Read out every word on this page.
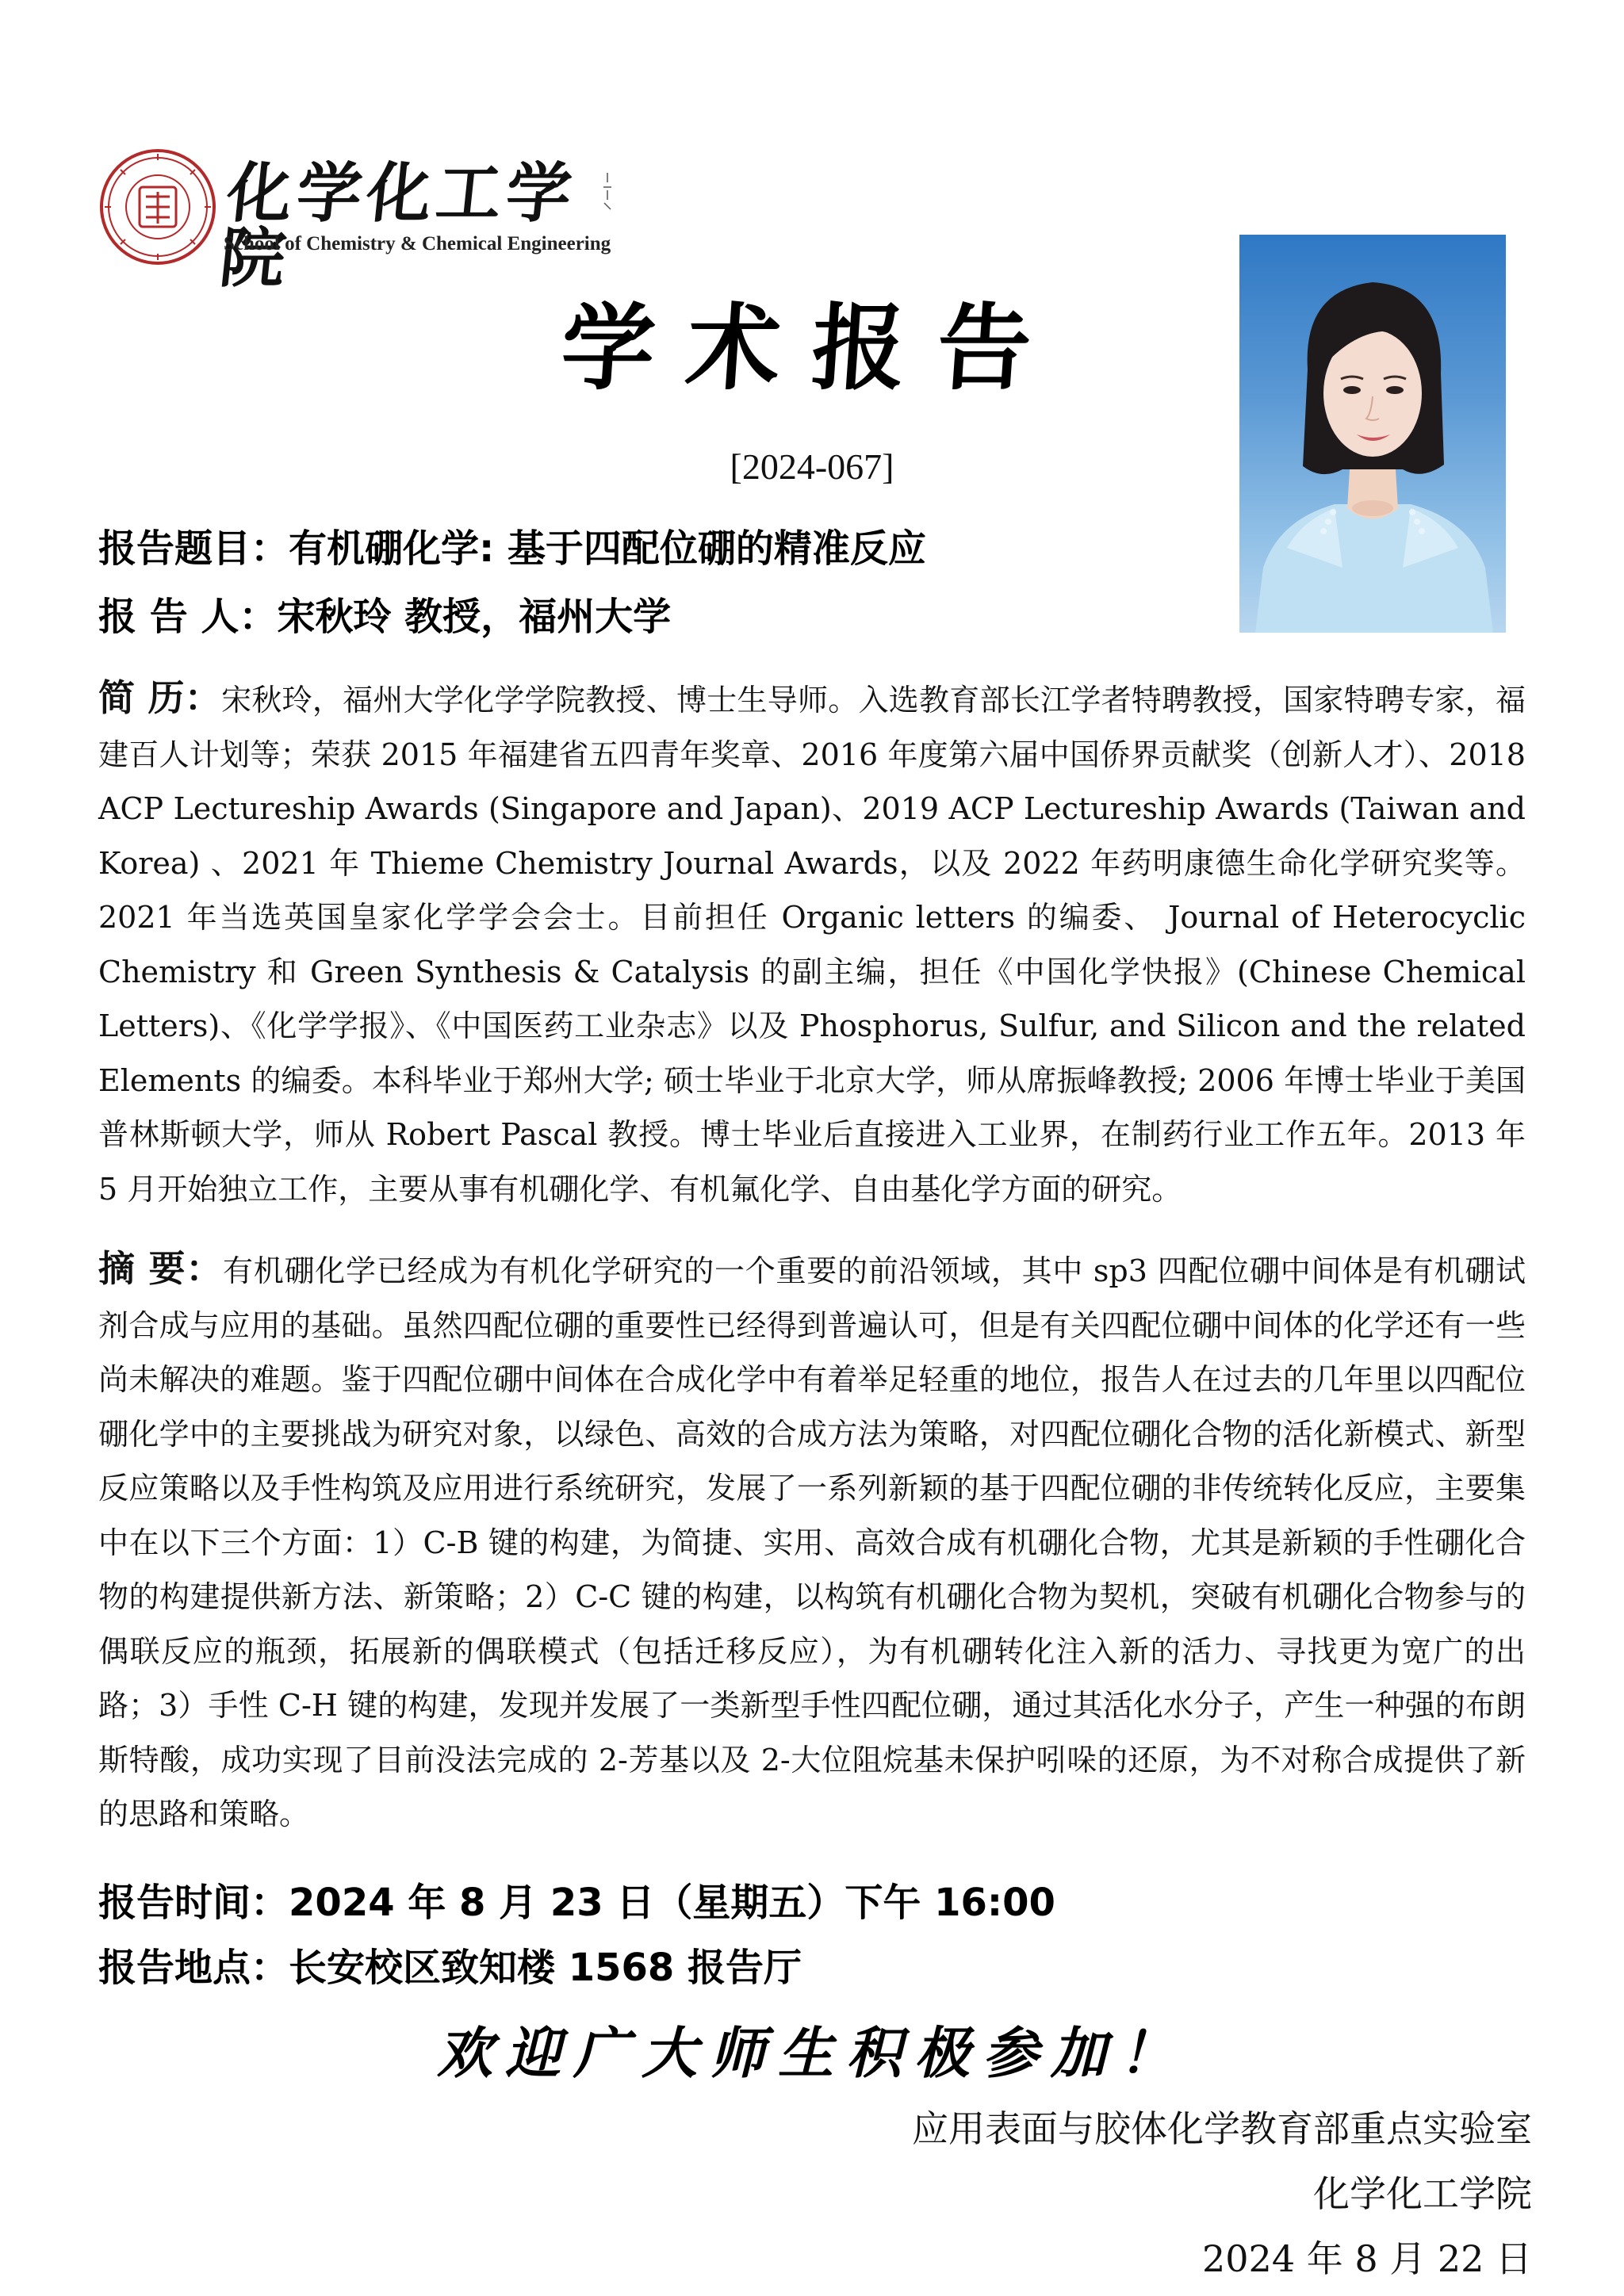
化学化工学院
School of Chemistry & Chemical Engineering
学术报告
[2024-067]
报告题目：有机硼化学: 基于四配位硼的精准反应
报 告 人：宋秋玲 教授，福州大学

简 历：宋秋玲，福州大学化学学院教授、博士生导师。入选教育部长江学者特聘教授，国家特聘专家，福建百人计划等；荣获 2015 年福建省五四青年奖章、2016 年度第六届中国侨界贡献奖（创新人才）、2018 ACP Lectureship Awards (Singapore and Japan)、2019 ACP Lectureship Awards (Taiwan and Korea) 、2021 年 Thieme Chemistry Journal Awards，以及 2022 年药明康德生命化学研究奖等。2021 年当选英国皇家化学学会会士。目前担任 Organic letters 的编委、 Journal of Heterocyclic Chemistry 和 Green Synthesis & Catalysis 的副主编，担任《中国化学快报》(Chinese Chemical Letters)、《化学学报》、《中国医药工业杂志》以及 Phosphorus, Sulfur, and Silicon and the related Elements 的编委。本科毕业于郑州大学; 硕士毕业于北京大学，师从席振峰教授; 2006 年博士毕业于美国普林斯顿大学，师从 Robert Pascal 教授。博士毕业后直接进入工业界，在制药行业工作五年。2013 年 5 月开始独立工作，主要从事有机硼化学、有机氟化学、自由基化学方面的研究。

摘 要：有机硼化学已经成为有机化学研究的一个重要的前沿领域，其中 sp3 四配位硼中间体是有机硼试剂合成与应用的基础。虽然四配位硼的重要性已经得到普遍认可，但是有关四配位硼中间体的化学还有一些尚未解决的难题。鉴于四配位硼中间体在合成化学中有着举足轻重的地位，报告人在过去的几年里以四配位硼化学中的主要挑战为研究对象，以绿色、高效的合成方法为策略，对四配位硼化合物的活化新模式、新型反应策略以及手性构筑及应用进行系统研究，发展了一系列新颖的基于四配位硼的非传统转化反应，主要集中在以下三个方面：1）C-B 键的构建，为简捷、实用、高效合成有机硼化合物，尤其是新颖的手性硼化合物的构建提供新方法、新策略；2）C-C 键的构建，以构筑有机硼化合物为契机，突破有机硼化合物参与的偶联反应的瓶颈，拓展新的偶联模式（包括迁移反应），为有机硼转化注入新的活力、寻找更为宽广的出路；3）手性 C-H 键的构建，发现并发展了一类新型手性四配位硼，通过其活化水分子，产生一种强的布朗斯特酸，成功实现了目前没法完成的 2-芳基以及 2-大位阻烷基未保护吲哚的还原，为不对称合成提供了新的思路和策略。

报告时间：2024 年 8 月 23 日（星期五）下午 16:00
报告地点：长安校区致知楼 1568 报告厅
欢迎广大师生积极参加！
应用表面与胶体化学教育部重点实验室
化学化工学院
2024 年 8 月 22 日
